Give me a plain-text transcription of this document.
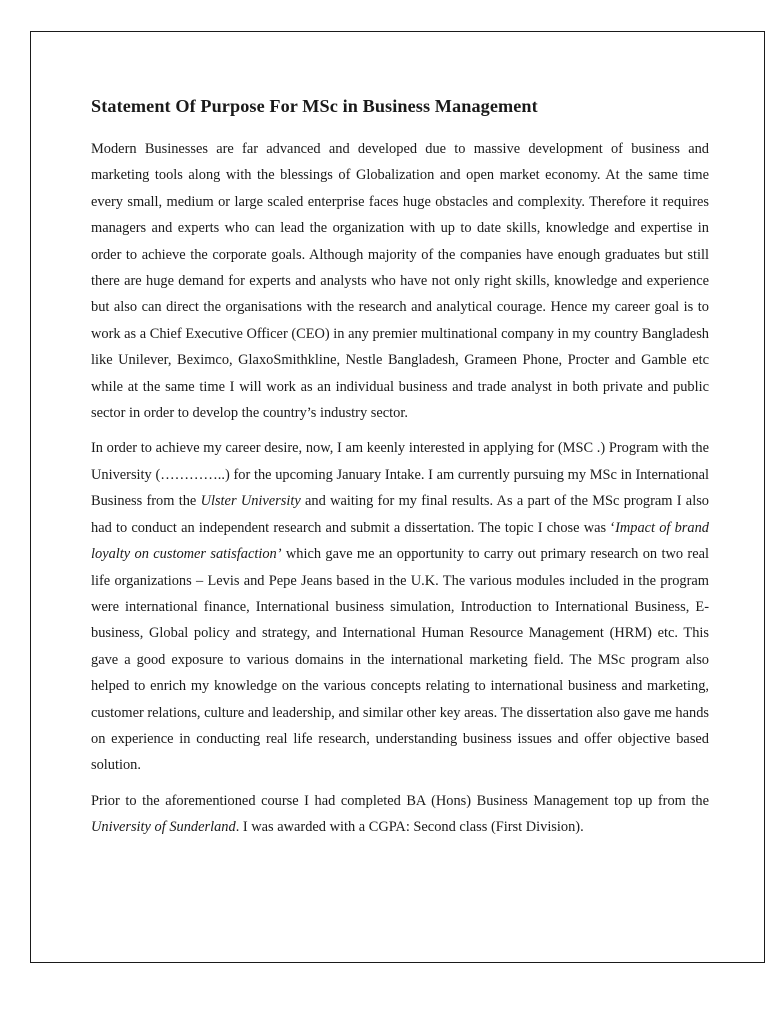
Statement Of Purpose For MSc in Business Management

Modern Businesses are far advanced and developed due to massive development of business and marketing tools along with the blessings of Globalization and open market economy. At the same time every small, medium or large scaled enterprise faces huge obstacles and complexity. Therefore it requires managers and experts who can lead the organization with up to date skills, knowledge and expertise in order to achieve the corporate goals. Although majority of the companies have enough graduates but still there are huge demand for experts and analysts who have not only right skills, knowledge and experience but also can direct the organisations with the research and analytical courage. Hence my career goal is to work as a Chief Executive Officer (CEO) in any premier multinational company in my country Bangladesh like Unilever, Beximco, GlaxoSmithkline, Nestle Bangladesh, Grameen Phone, Procter and Gamble etc while at the same time I will work as an individual business and trade analyst in both private and public sector in order to develop the country’s industry sector.

In order to achieve my career desire, now, I am keenly interested in applying for (MSC .) Program with the University (…………..) for the upcoming January Intake. I am currently pursuing my MSc in International Business from the Ulster University and waiting for my final results. As a part of the MSc program I also had to conduct an independent research and submit a dissertation. The topic I chose was ‘Impact of brand loyalty on customer satisfaction’ which gave me an opportunity to carry out primary research on two real life organizations – Levis and Pepe Jeans based in the U.K. The various modules included in the program were international finance, International business simulation, Introduction to International Business, E-business, Global policy and strategy, and International Human Resource Management (HRM) etc. This gave a good exposure to various domains in the international marketing field. The MSc program also helped to enrich my knowledge on the various concepts relating to international business and marketing, customer relations, culture and leadership, and similar other key areas. The dissertation also gave me hands on experience in conducting real life research, understanding business issues and offer objective based solution.

Prior to the aforementioned course I had completed BA (Hons) Business Management top up from the University of Sunderland. I was awarded with a CGPA: Second class (First Division).
